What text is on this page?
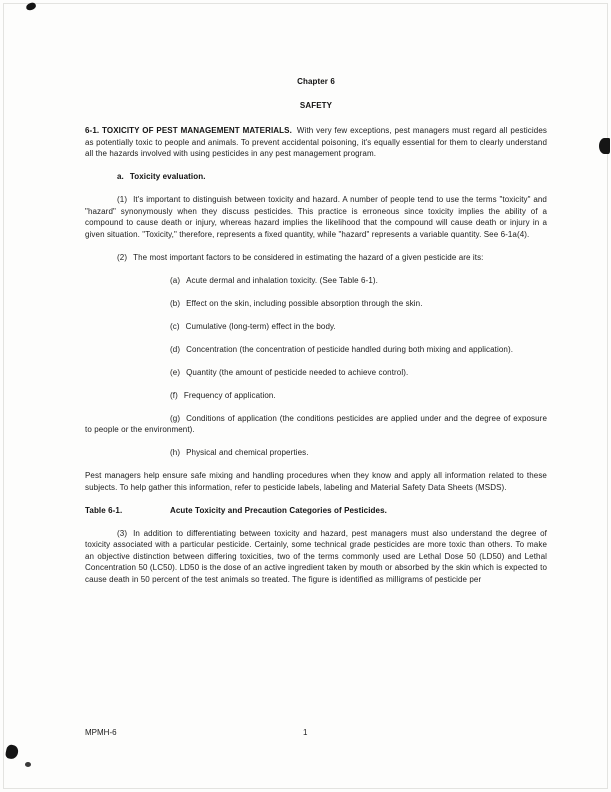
Chapter 6
SAFETY

6-1. TOXICITY OF PEST MANAGEMENT MATERIALS. With very few exceptions, pest managers must regard all pesticides as potentially toxic to people and animals. To prevent accidental poisoning, it's equally essential for them to clearly understand all the hazards involved with using pesticides in any pest management program.

a. Toxicity evaluation.

(1) It's important to distinguish between toxicity and hazard. A number of people tend to use the terms "toxicity" and "hazard" synonymously when they discuss pesticides. This practice is erroneous since toxicity implies the ability of a compound to cause death or injury, whereas hazard implies the likelihood that the compound will cause death or injury in a given situation. "Toxicity," therefore, represents a fixed quantity, while "hazard" represents a variable quantity. See 6-1a(4).

(2) The most important factors to be considered in estimating the hazard of a given pesticide are its:

(a) Acute dermal and inhalation toxicity. (See Table 6-1).

(b) Effect on the skin, including possible absorption through the skin.

(c) Cumulative (long-term) effect in the body.

(d) Concentration (the concentration of pesticide handled during both mixing and application).

(e) Quantity (the amount of pesticide needed to achieve control).

(f) Frequency of application.

(g) Conditions of application (the conditions pesticides are applied under and the degree of exposure to people or the environment).

(h) Physical and chemical properties.

Pest managers help ensure safe mixing and handling procedures when they know and apply all information related to these subjects. To help gather this information, refer to pesticide labels, labeling and Material Safety Data Sheets (MSDS).

Table 6-1.	Acute Toxicity and Precaution Categories of Pesticides.

(3) In addition to differentiating between toxicity and hazard, pest managers must also understand the degree of toxicity associated with a particular pesticide. Certainly, some technical grade pesticides are more toxic than others. To make an objective distinction between differing toxicities, two of the terms commonly used are Lethal Dose 50 (LD50) and Lethal Concentration 50 (LC50). LD50 is the dose of an active ingredient taken by mouth or absorbed by the skin which is expected to cause death in 50 percent of the test animals so treated. The figure is identified as milligrams of pesticide per

MPMH-6	1
